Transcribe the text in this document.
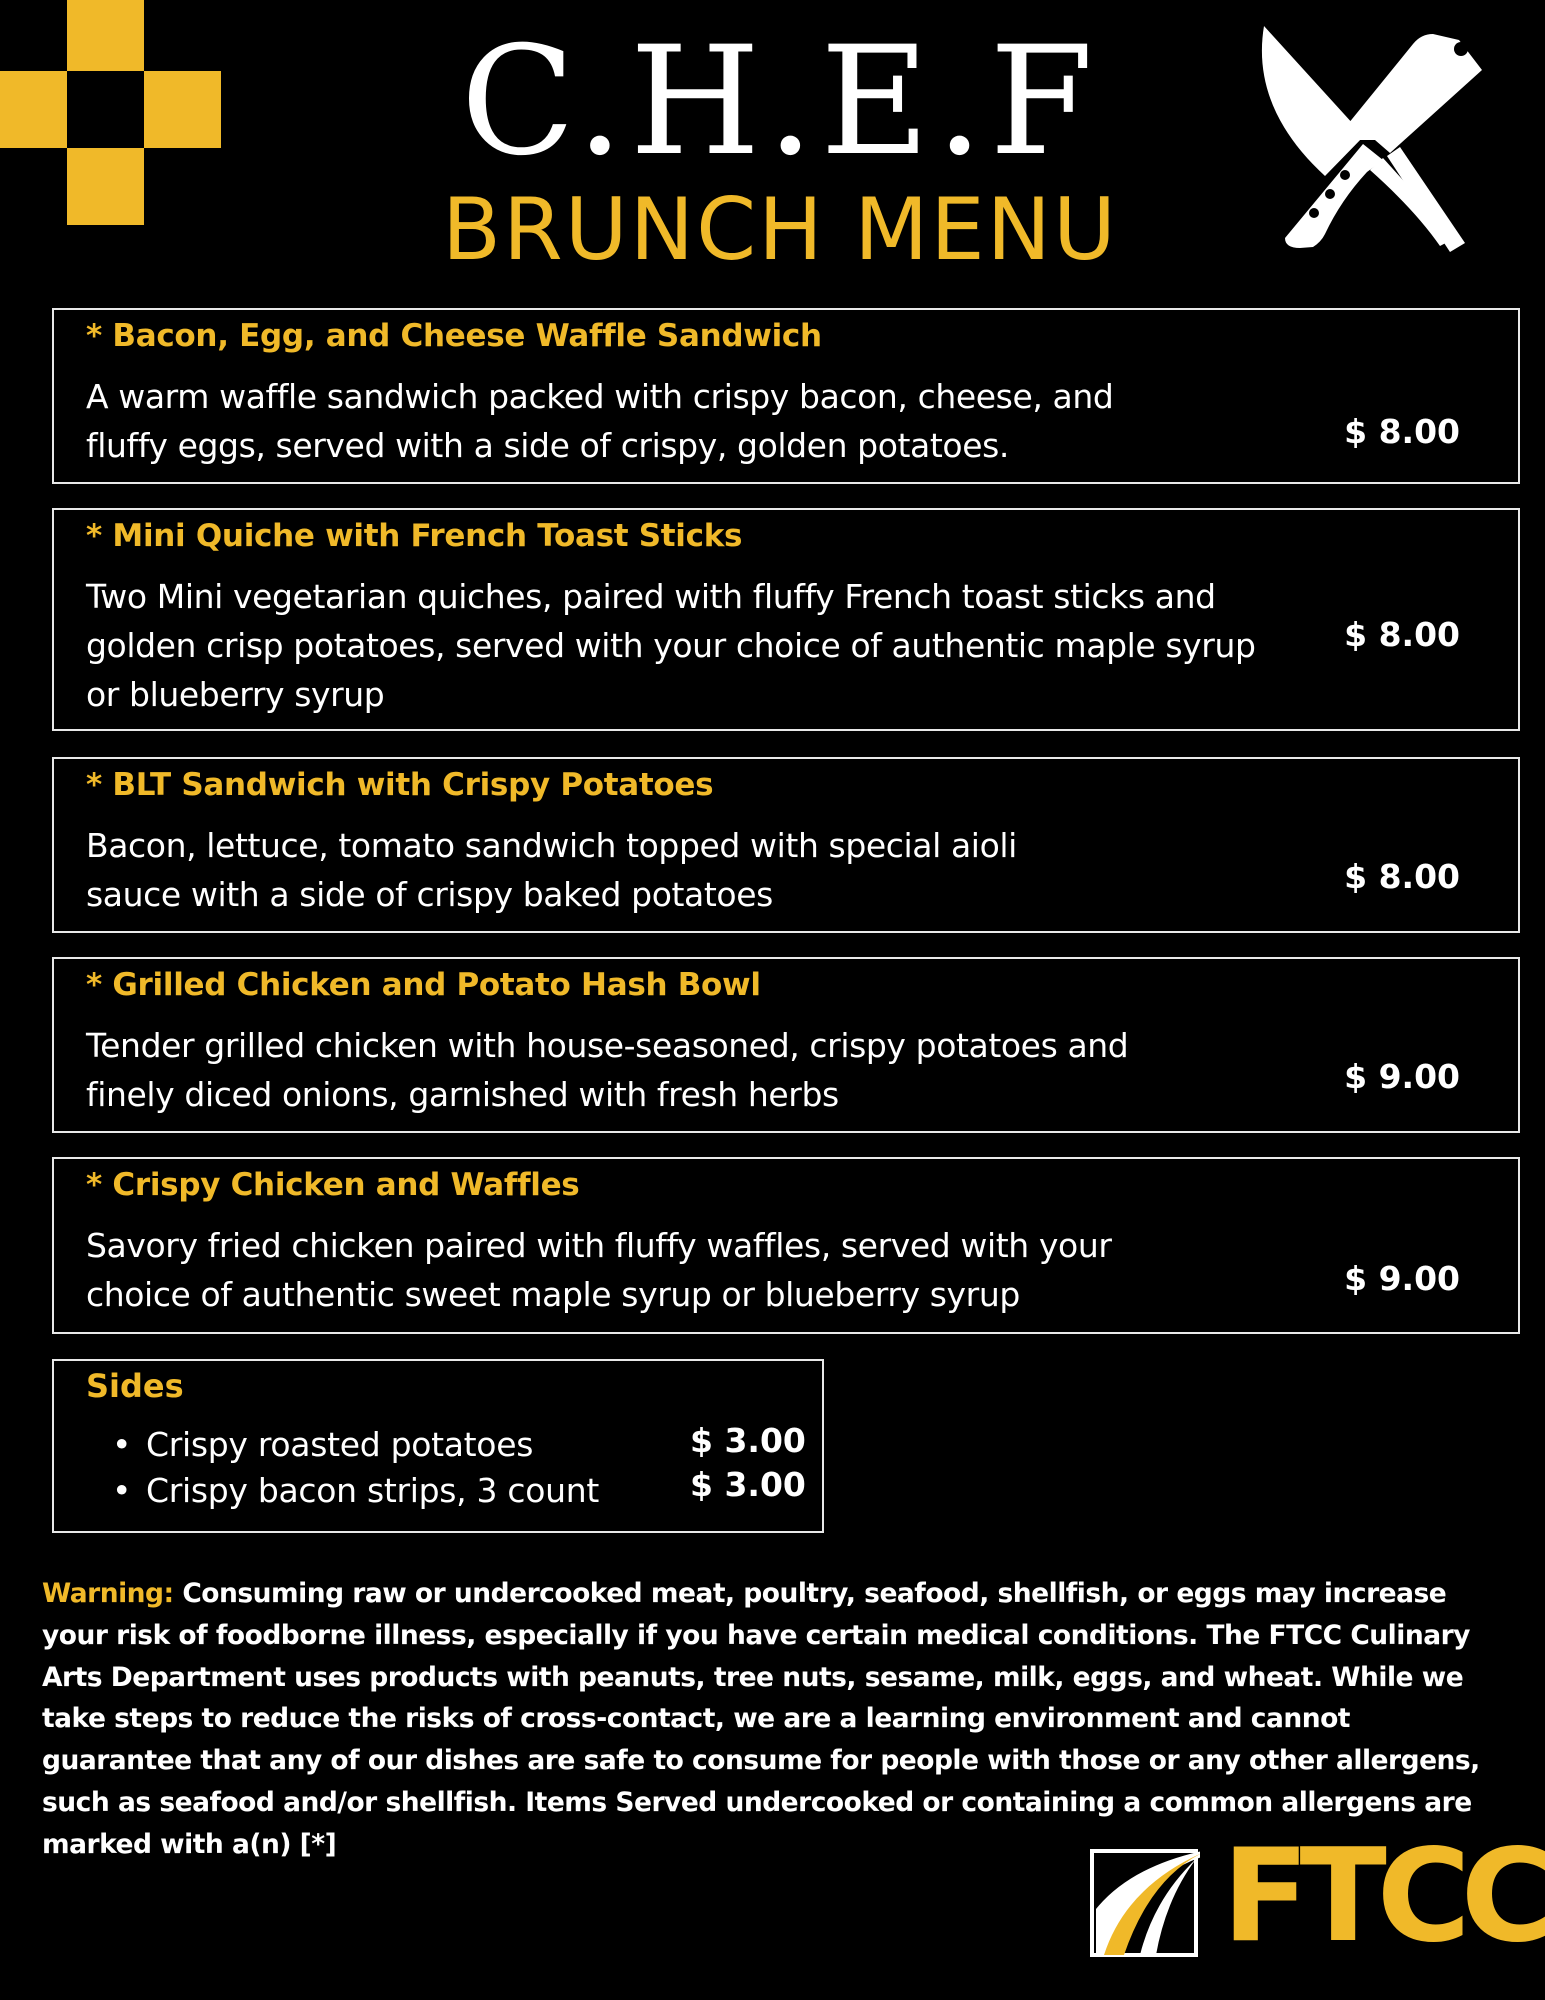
C.H.E.F
BRUNCH MENU
* Bacon, Egg, and Cheese Waffle Sandwich
A warm waffle sandwich packed with crispy bacon, cheese, and
fluffy eggs, served with a side of crispy, golden potatoes.	$ 8.00
* Mini Quiche with French Toast Sticks
Two Mini vegetarian quiches, paired with fluffy French toast sticks and
golden crisp potatoes, served with your choice of authentic maple syrup
or blueberry syrup
$ 8.00
* BLT Sandwich with Crispy Potatoes
Bacon, lettuce, tomato sandwich topped with special aioli
sauce with a side of crispy baked potatoes	$ 8.00
* Grilled Chicken and Potato Hash Bowl
Tender grilled chicken with house-seasoned, crispy potatoes and
finely diced onions, garnished with fresh herbs	$ 9.00
* Crispy Chicken and Waffles
Savory fried chicken paired with fluffy waffles, served with your
choice of authentic sweet maple syrup or blueberry syrup	$ 9.00
Sides
• Crispy roasted potatoes	$ 3.00
• Crispy bacon strips, 3 count	$ 3.00
Warning: Consuming raw or undercooked meat, poultry, seafood, shellfish, or eggs may increase
your risk of foodborne illness, especially if you have certain medical conditions. The FTCC Culinary
Arts Department uses products with peanuts, tree nuts, sesame, milk, eggs, and wheat. While we
take steps to reduce the risks of cross-contact, we are a learning environment and cannot
guarantee that any of our dishes are safe to consume for people with those or any other allergens,
such as seafood and/or shellfish. Items Served undercooked or containing a common allergens are
marked with a(n) [*]	FTCC
